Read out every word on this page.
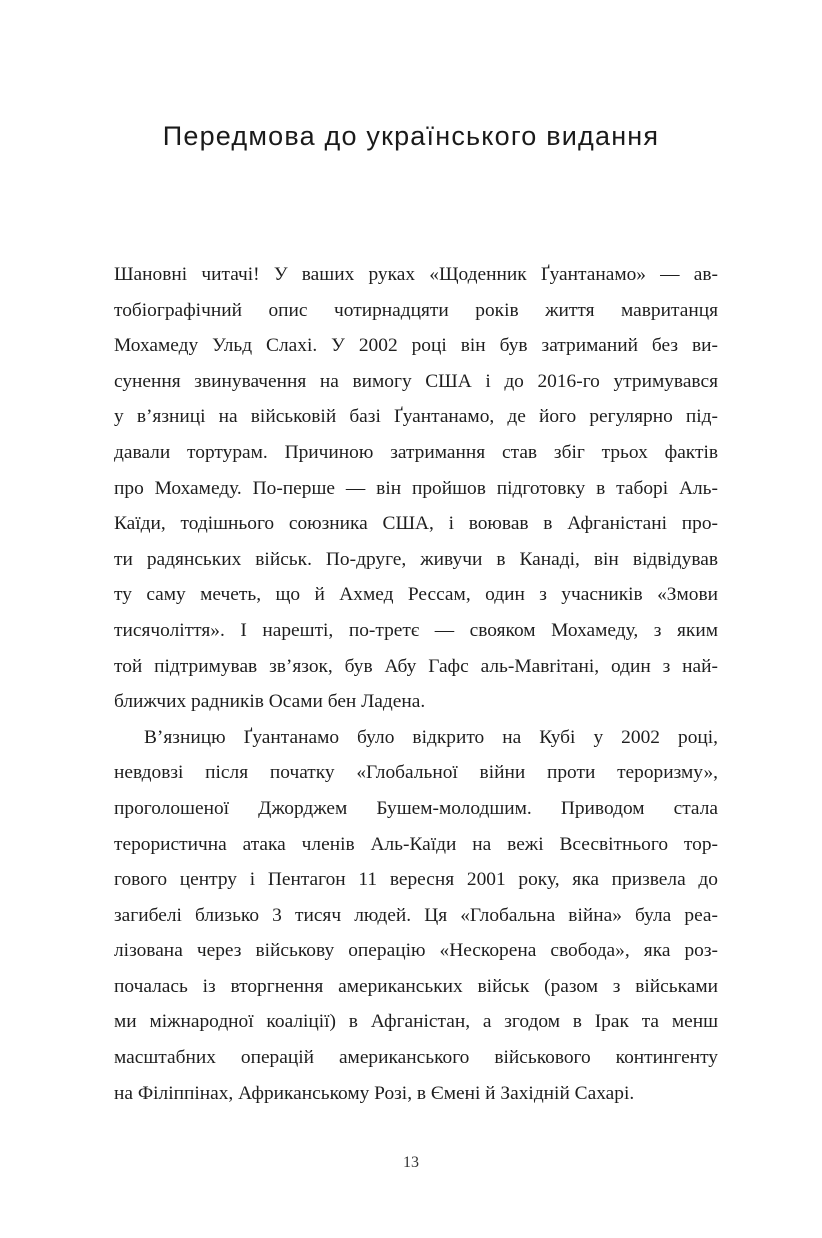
Передмова до українського видання
Шановні читачі! У ваших руках «Щоденник Ґуантанамо» — ав-
тобіографічний опис чотирнадцяти років життя мавританця
Мохамеду Ульд Слахі. У 2002 році він був затриманий без ви-
сунення звинувачення на вимогу США і до 2016-го утримувався
у в’язниці на військовій базі Ґуантанамо, де його регулярно під-
давали тортурам. Причиною затримання став збіг трьох фактів
про Мохамеду. По-перше — він пройшов підготовку в таборі Аль-
Каїди, тодішнього союзника США, і воював в Афганістані про-
ти радянських військ. По-друге, живучи в Канаді, він відвідував
ту саму мечеть, що й Ахмед Рессам, один з учасників «Змови
тисячоліття». І нарешті, по-третє — свояком Мохамеду, з яким
той підтримував зв’язок, був Абу Гафс аль-Мавrітані, один з най-
ближчих радників Осами бен Ладена.
В’язницю Ґуантанамо було відкрито на Кубі у 2002 році,
невдовзі після початку «Глобальної війни проти тероризму»,
проголошеної Джорджем Бушем-молодшим. Приводом стала
терористична атака членів Аль-Каїди на вежі Всесвітнього тор-
гового центру і Пентагон 11 вересня 2001 року, яка призвела до
загибелі близько 3 тисяч людей. Ця «Глобальна війна» була реа-
лізована через військову операцію «Нескорена свобода», яка роз-
почалась із вторгнення американських військ (разом з військами
ми міжнародної коаліції) в Афганістан, а згодом в Ірак та менш
масштабних операцій американського військового контингенту
на Філіппінах, Африканському Розі, в Ємені й Західній Сахарі.
13
